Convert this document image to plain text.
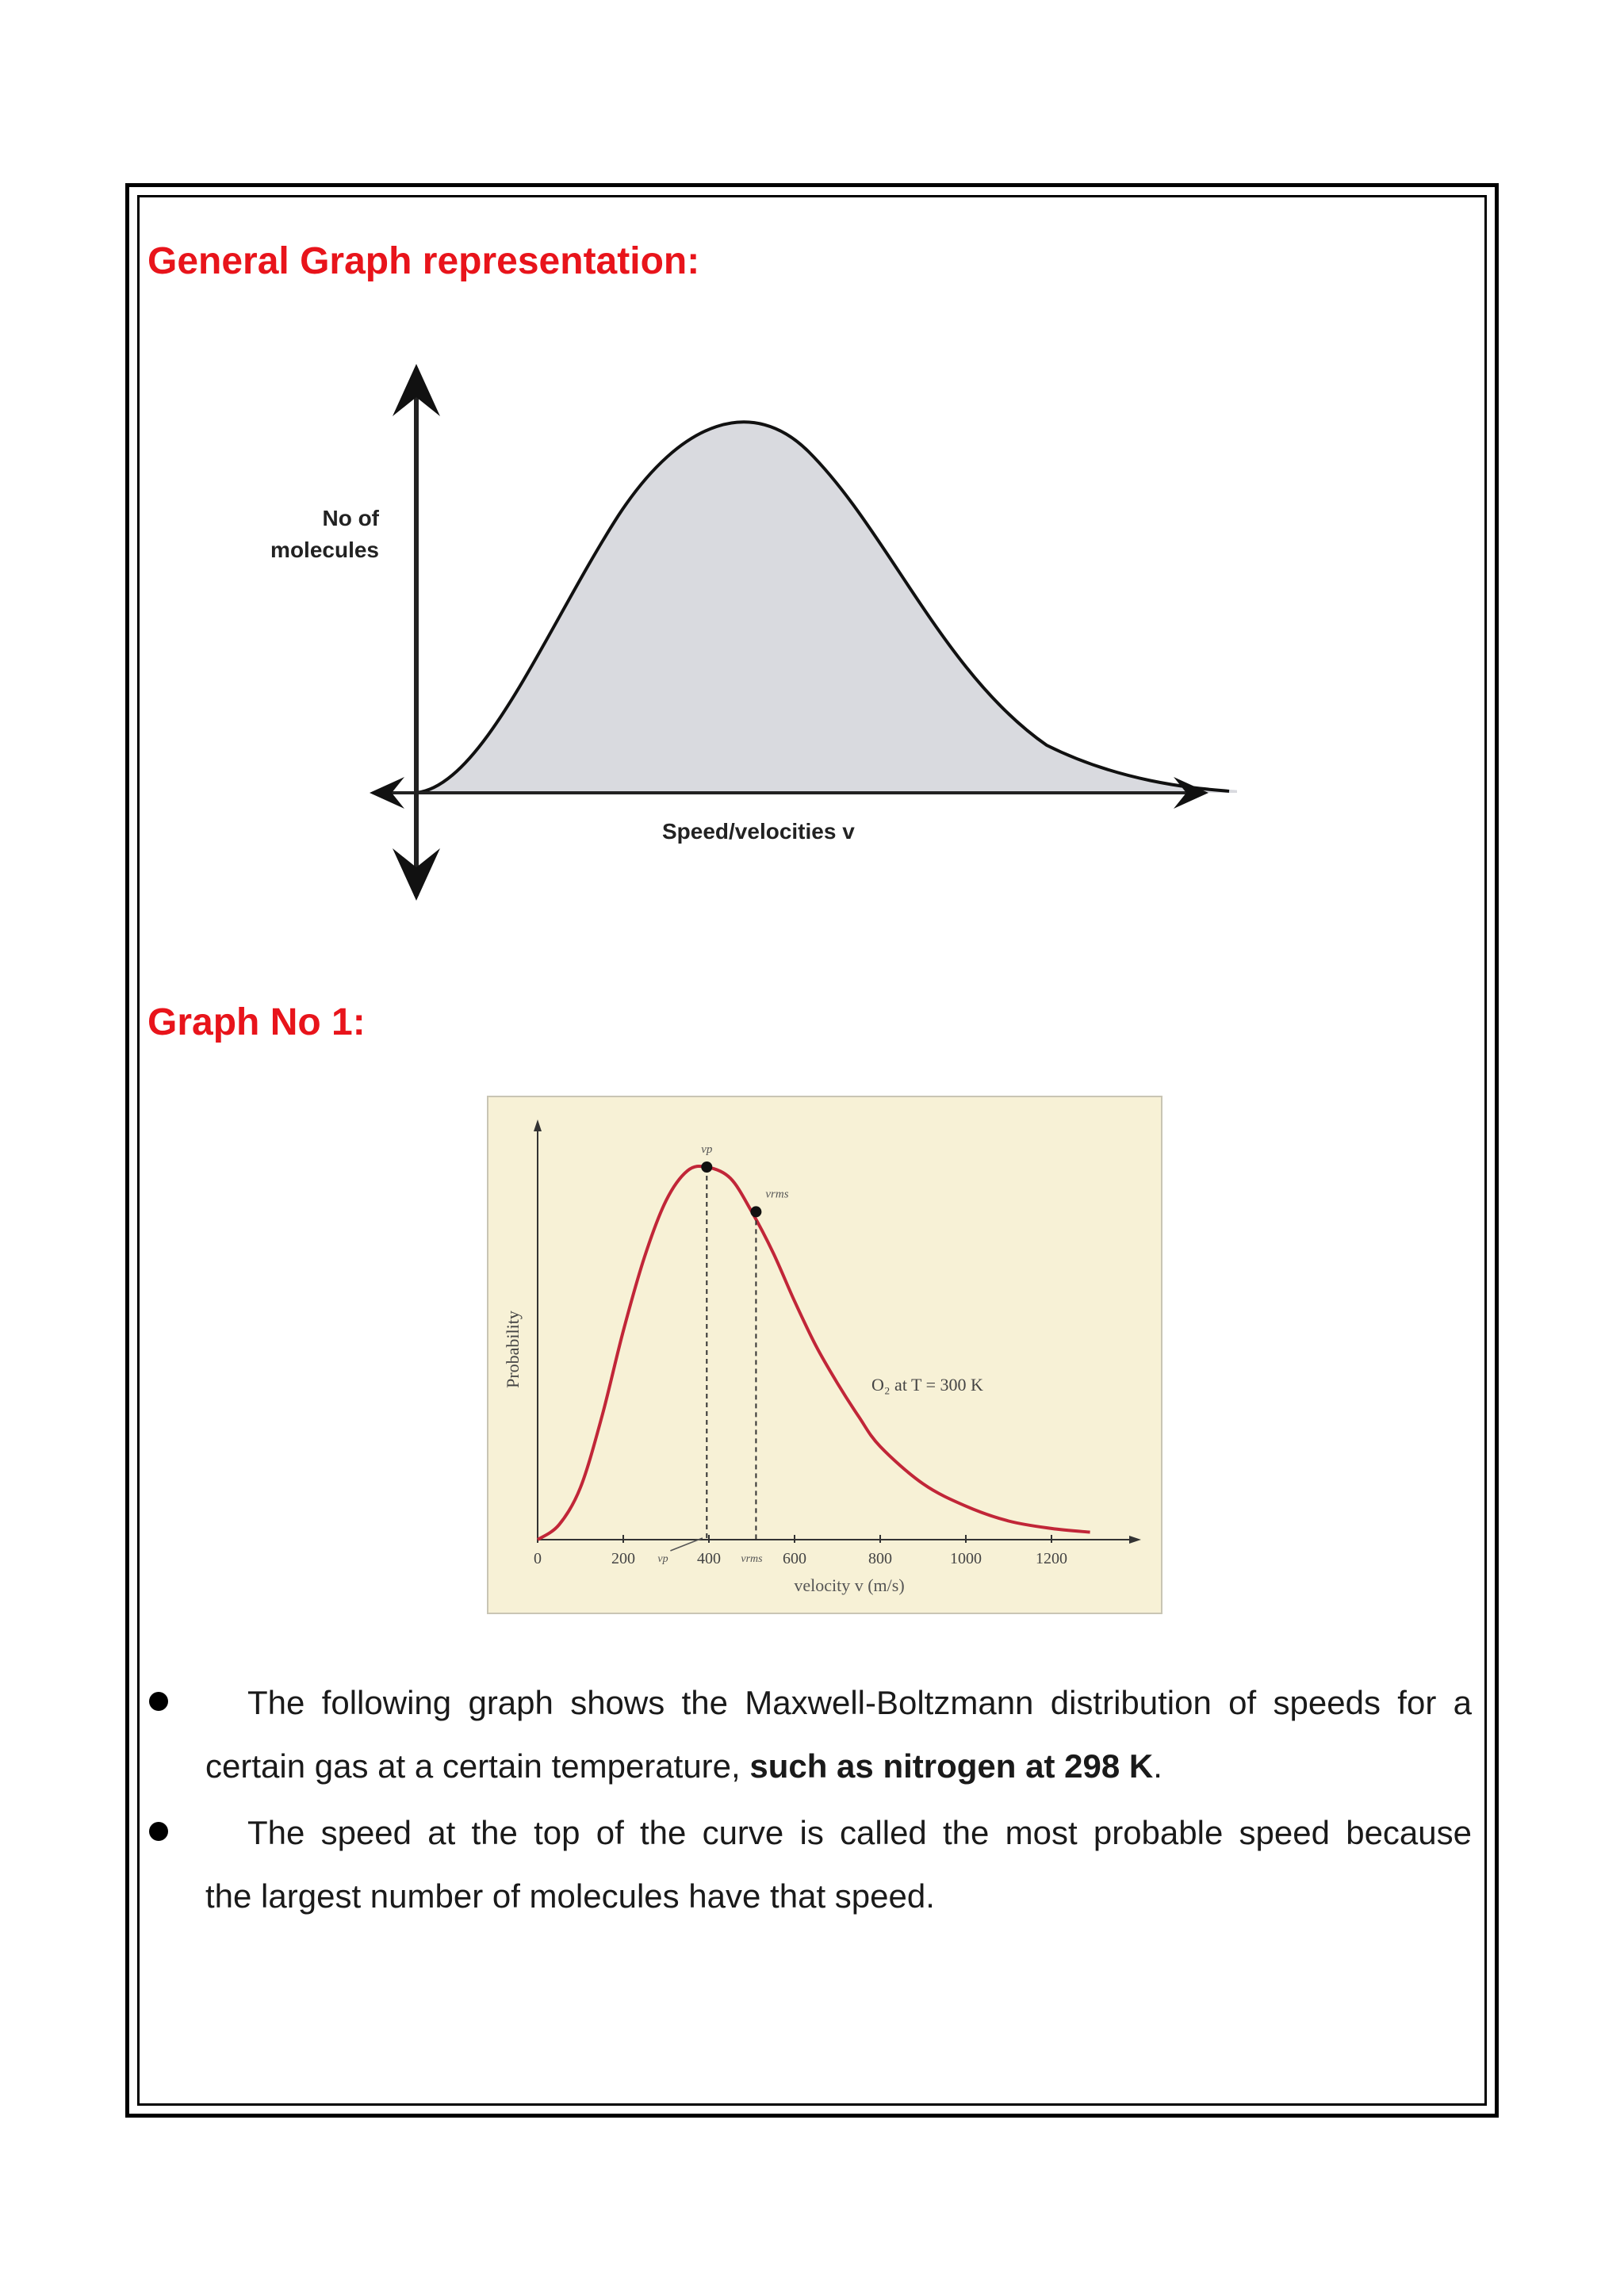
General Graph representation:
No of
molecules
Speed/velocities v
Graph No 1:
0	200	400	600	800	1000	1200
vp
vrms
vp	vrms
Probability
velocity v (m/s)
O₂ at T = 300 K
The following graph shows the Maxwell-Boltzmann distribution of speeds for a
certain gas at a certain temperature, such as nitrogen at 298 K.
The speed at the top of the curve is called the most probable speed because
the largest number of molecules have that speed.
